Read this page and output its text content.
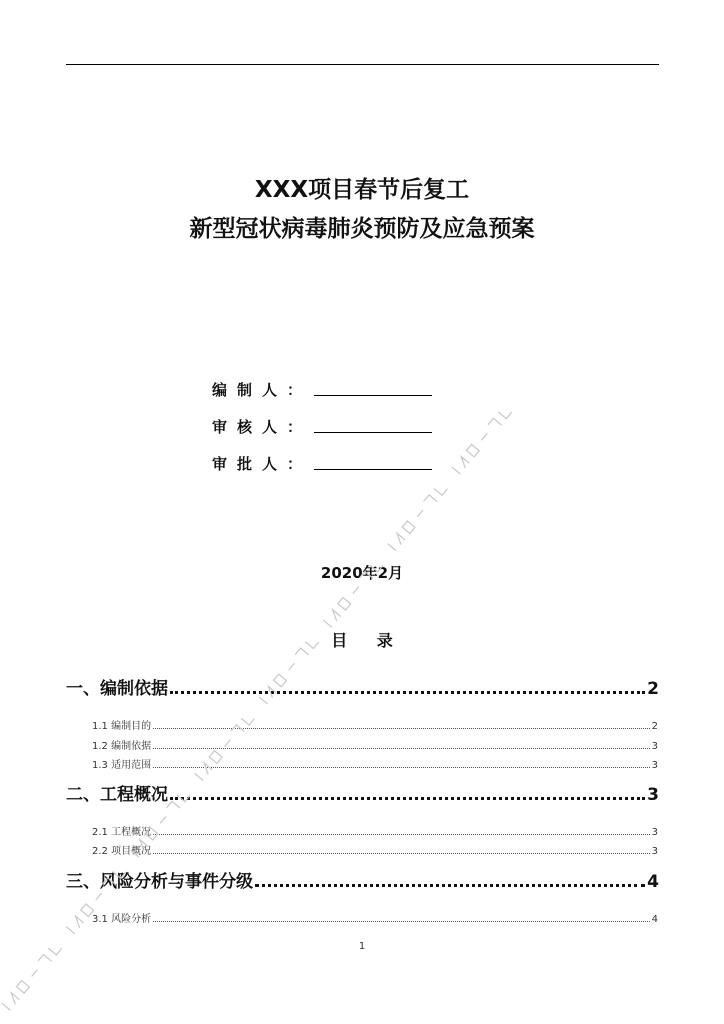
XXX项目春节后复工
新型冠状病毒肺炎预防及应急预案
编制人：
审核人：
审批人：
2020年2月
目 录
一、编制依据	2
1.1 编制目的	2
1.2 编制依据	3
1.3 适用范围	3
二、工程概况	3
2.1 工程概况	3
2.2 项目概况	3
三、风险分析与事件分级	4
3.1 风险分析	4
1
